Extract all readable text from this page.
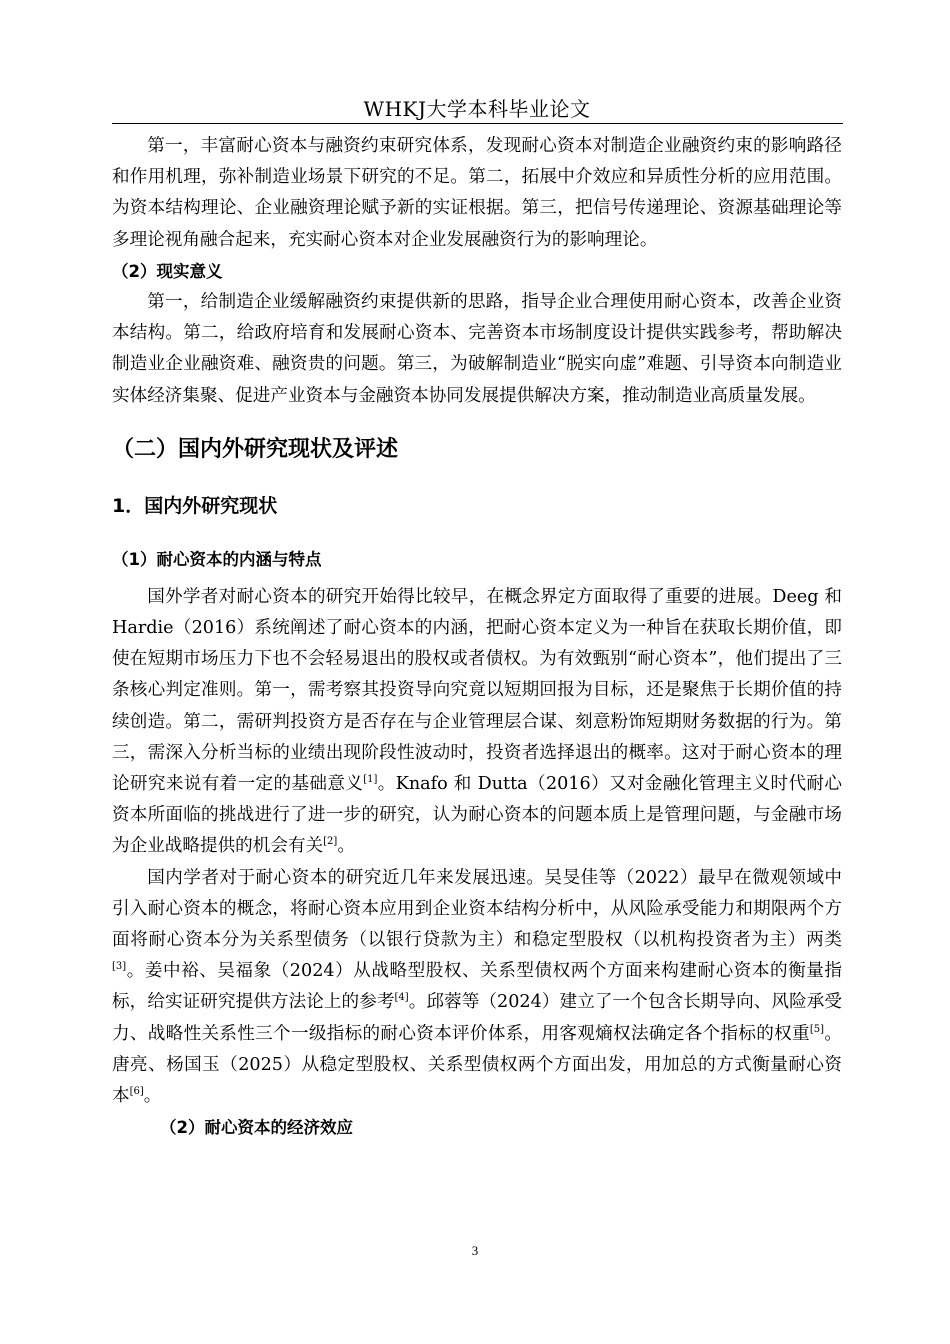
WHKJ大学本科毕业论文

第一，丰富耐心资本与融资约束研究体系，发现耐心资本对制造企业融资约束的影响路径和作用机理，弥补制造业场景下研究的不足。第二，拓展中介效应和异质性分析的应用范围。为资本结构理论、企业融资理论赋予新的实证根据。第三，把信号传递理论、资源基础理论等多理论视角融合起来，充实耐心资本对企业发展融资行为的影响理论。

（2）现实意义

第一，给制造企业缓解融资约束提供新的思路，指导企业合理使用耐心资本，改善企业资本结构。第二，给政府培育和发展耐心资本、完善资本市场制度设计提供实践参考，帮助解决制造业企业融资难、融资贵的问题。第三，为破解制造业“脱实向虚”难题、引导资本向制造业实体经济集聚、促进产业资本与金融资本协同发展提供解决方案，推动制造业高质量发展。

（二）国内外研究现状及评述

1．国内外研究现状

（1）耐心资本的内涵与特点

国外学者对耐心资本的研究开始得比较早，在概念界定方面取得了重要的进展。Deeg 和 Hardie（2016）系统阐述了耐心资本的内涵，把耐心资本定义为一种旨在获取长期价值，即使在短期市场压力下也不会轻易退出的股权或者债权。为有效甄别“耐心资本”，他们提出了三条核心判定准则。第一，需考察其投资导向究竟以短期回报为目标，还是聚焦于长期价值的持续创造。第二，需研判投资方是否存在与企业管理层合谋、刻意粉饰短期财务数据的行为。第三，需深入分析当标的业绩出现阶段性波动时，投资者选择退出的概率。这对于耐心资本的理论研究来说有着一定的基础意义[1]。Knafo 和 Dutta（2016）又对金融化管理主义时代耐心资本所面临的挑战进行了进一步的研究，认为耐心资本的问题本质上是管理问题，与金融市场为企业战略提供的机会有关[2]。

国内学者对于耐心资本的研究近几年来发展迅速。吴旻佳等（2022）最早在微观领域中引入耐心资本的概念，将耐心资本应用到企业资本结构分析中，从风险承受能力和期限两个方面将耐心资本分为关系型债务（以银行贷款为主）和稳定型股权（以机构投资者为主）两类[3]。姜中裕、吴福象（2024）从战略型股权、关系型债权两个方面来构建耐心资本的衡量指标，给实证研究提供方法论上的参考[4]。邱蓉等（2024）建立了一个包含长期导向、风险承受力、战略性关系性三个一级指标的耐心资本评价体系，用客观熵权法确定各个指标的权重[5]。唐亮、杨国玉（2025）从稳定型股权、关系型债权两个方面出发，用加总的方式衡量耐心资本[6]。

（2）耐心资本的经济效应

3
